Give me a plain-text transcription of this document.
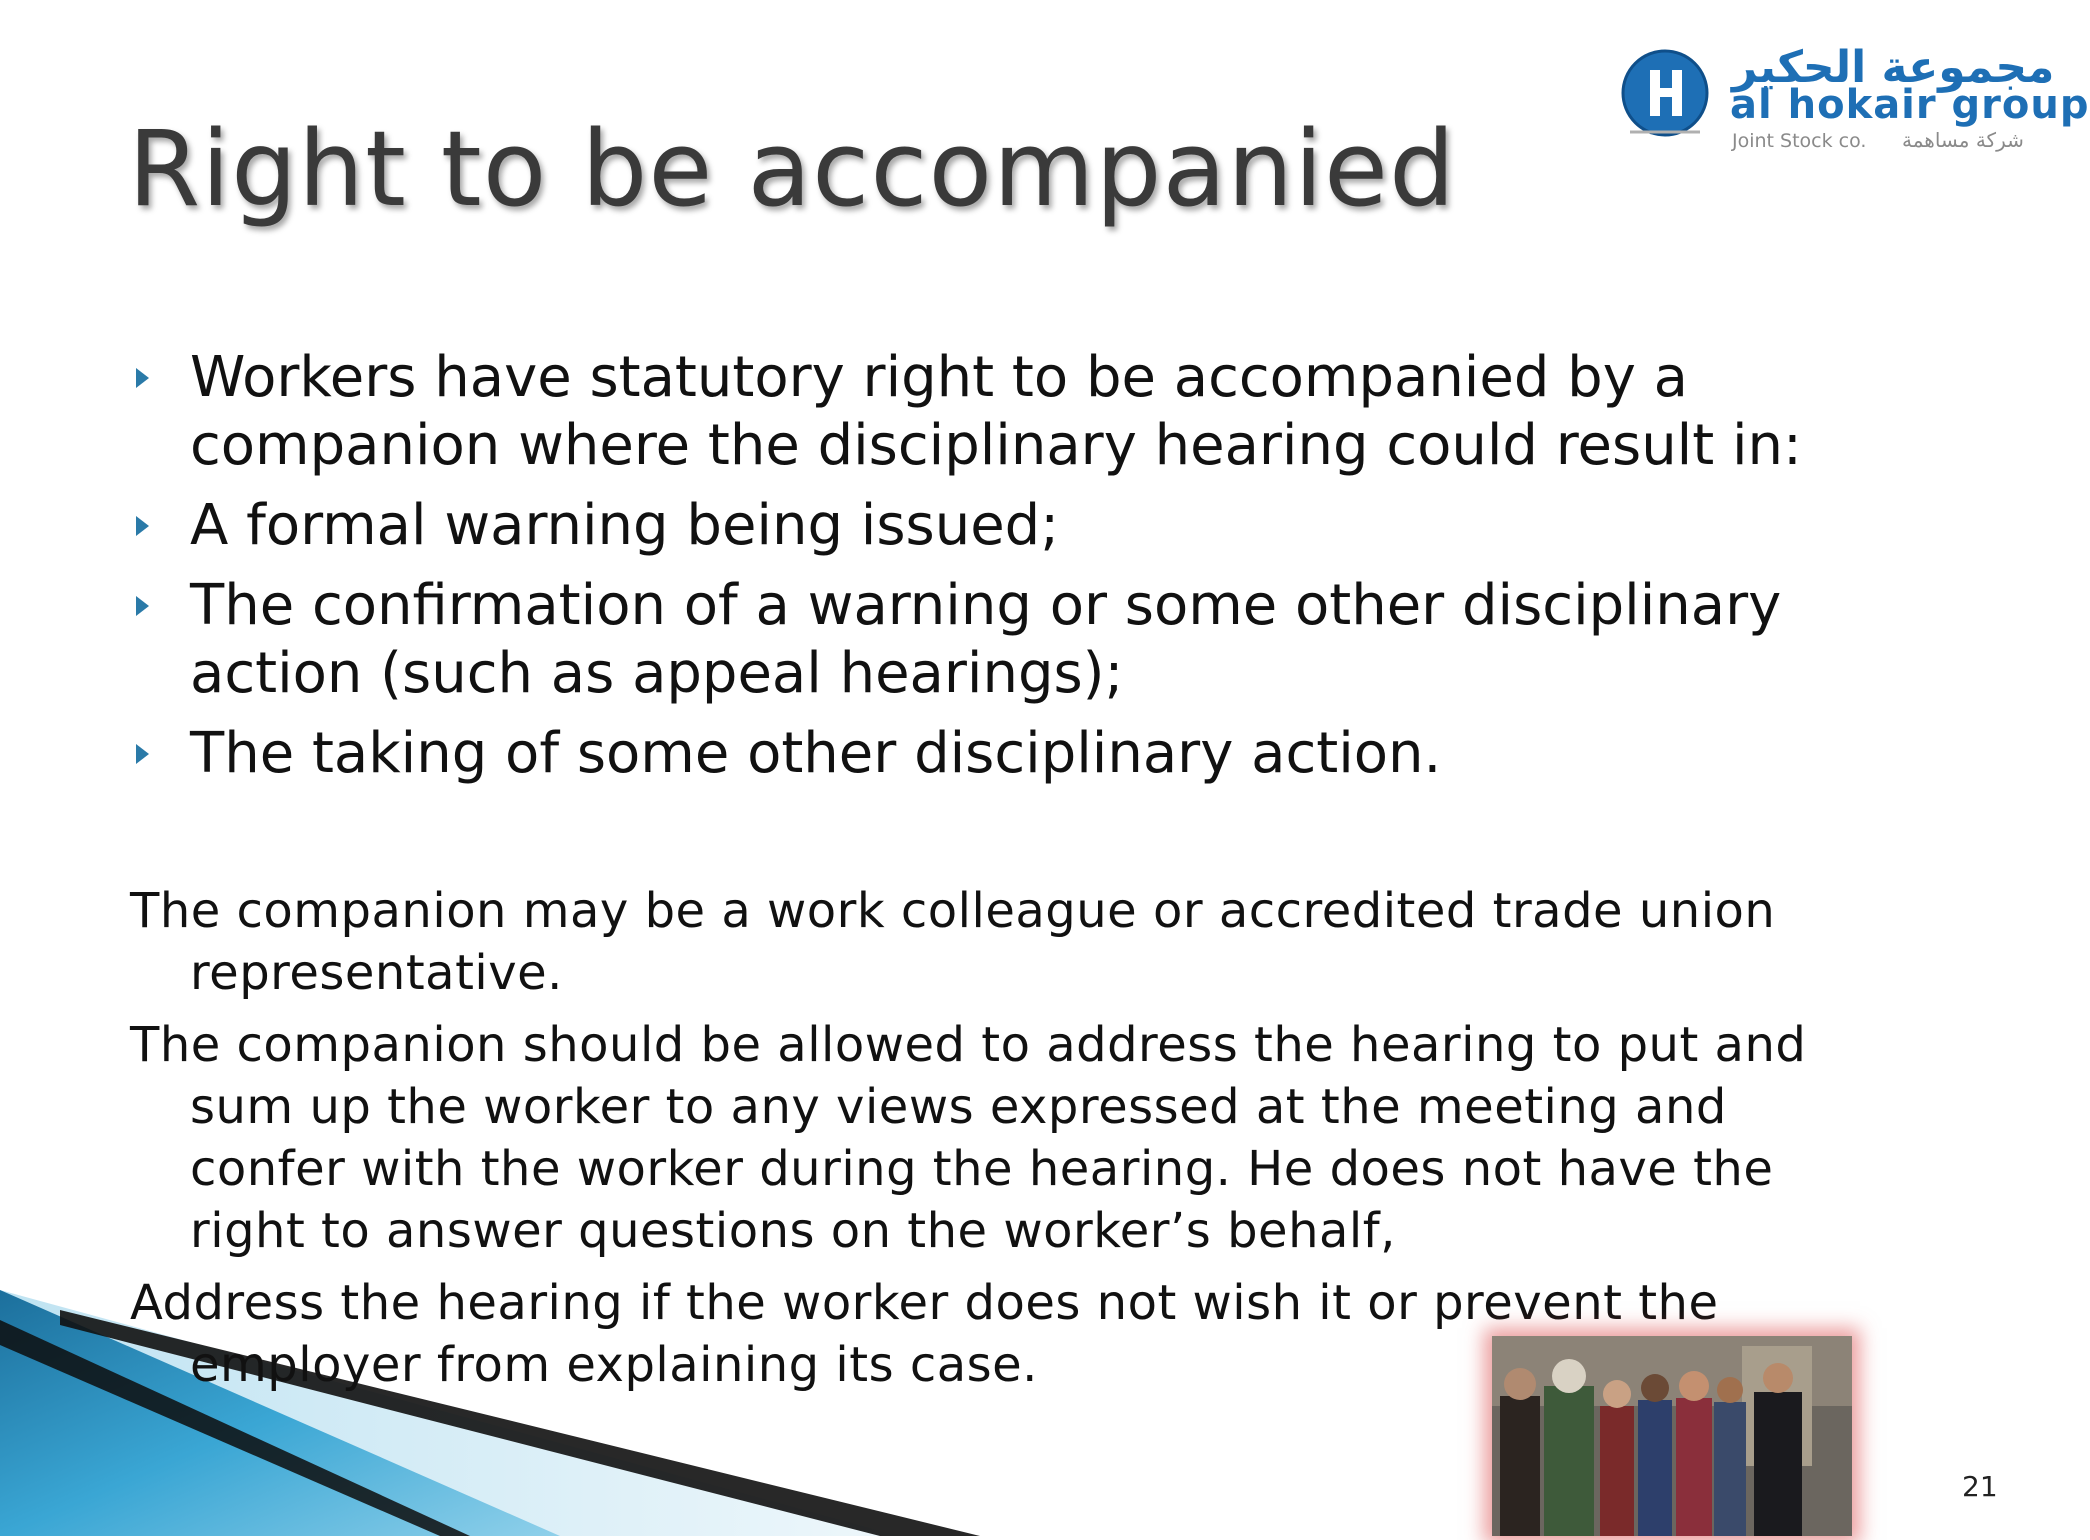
Right to be accompanied
مجموعة الحكير
al hokair group
Joint Stock co. شركة مساهمة
Workers have statutory right to be accompanied by a companion where the disciplinary hearing could result in:
A formal warning being issued;
The confirmation of a warning or some other disciplinary action (such as appeal hearings);
The taking of some other disciplinary action.
The companion may be a work colleague or accredited trade union representative.
The companion should be allowed to address the hearing to put and sum up the worker to any views expressed at the meeting and confer with the worker during the hearing. He does not have the right to answer questions on the worker’s behalf,
Address the hearing if the worker does not wish it or prevent the employer from explaining its case.
21
